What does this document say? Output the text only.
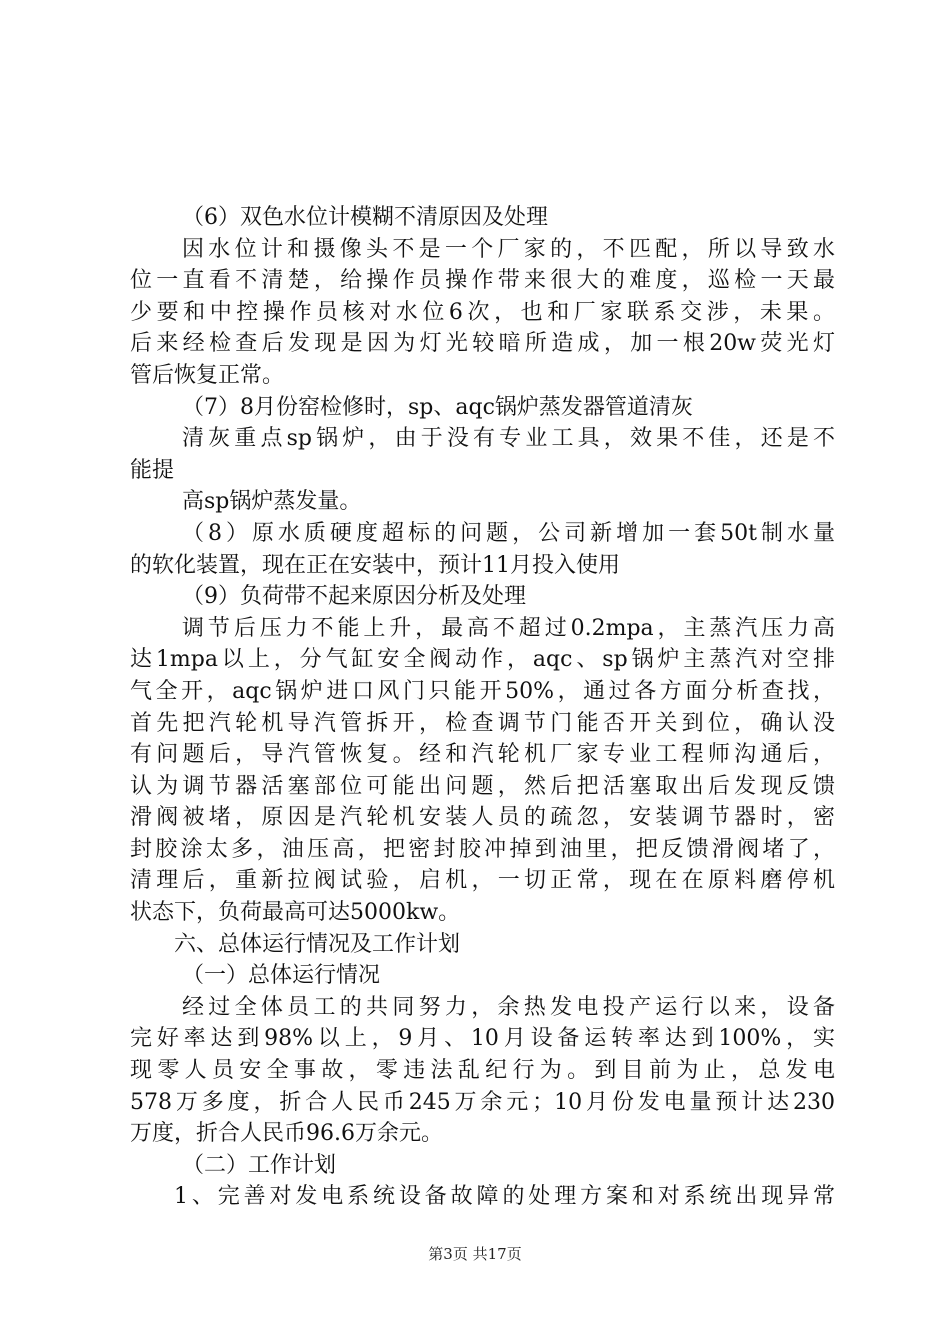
（6）双色水位计模糊不清原因及处理
因水位计和摄像头不是一个厂家的，不匹配，所以导致水
位一直看不清楚，给操作员操作带来很大的难度，巡检一天最
少要和中控操作员核对水位6次，也和厂家联系交涉，未果。
后来经检查后发现是因为灯光较暗所造成，加一根20w荧光灯
管后恢复正常。
（7）8月份窑检修时，sp、aqc锅炉蒸发器管道清灰
清灰重点sp锅炉，由于没有专业工具，效果不佳，还是不
能提
高sp锅炉蒸发量。
（8）原水质硬度超标的问题，公司新增加一套50t制水量
的软化装置，现在正在安装中，预计11月投入使用
（9）负荷带不起来原因分析及处理
调节后压力不能上升，最高不超过0.2mpa，主蒸汽压力高
达1mpa以上，分气缸安全阀动作，aqc、sp锅炉主蒸汽对空排
气全开，aqc锅炉进口风门只能开50%，通过各方面分析查找，
首先把汽轮机导汽管拆开，检查调节门能否开关到位，确认没
有问题后，导汽管恢复。经和汽轮机厂家专业工程师沟通后，
认为调节器活塞部位可能出问题，然后把活塞取出后发现反馈
滑阀被堵，原因是汽轮机安装人员的疏忽，安装调节器时，密
封胶涂太多，油压高，把密封胶冲掉到油里，把反馈滑阀堵了，
清理后，重新拉阀试验，启机，一切正常，现在在原料磨停机
状态下，负荷最高可达5000kw。
六、总体运行情况及工作计划
（一）总体运行情况
经过全体员工的共同努力，余热发电投产运行以来，设备
完好率达到98%以上，9月、10月设备运转率达到100%，实
现零人员安全事故，零违法乱纪行为。到目前为止，总发电
578万多度，折合人民币245万余元；10月份发电量预计达230
万度，折合人民币96.6万余元。
（二）工作计划
1、完善对发电系统设备故障的处理方案和对系统出现异常
第3页 共17页
